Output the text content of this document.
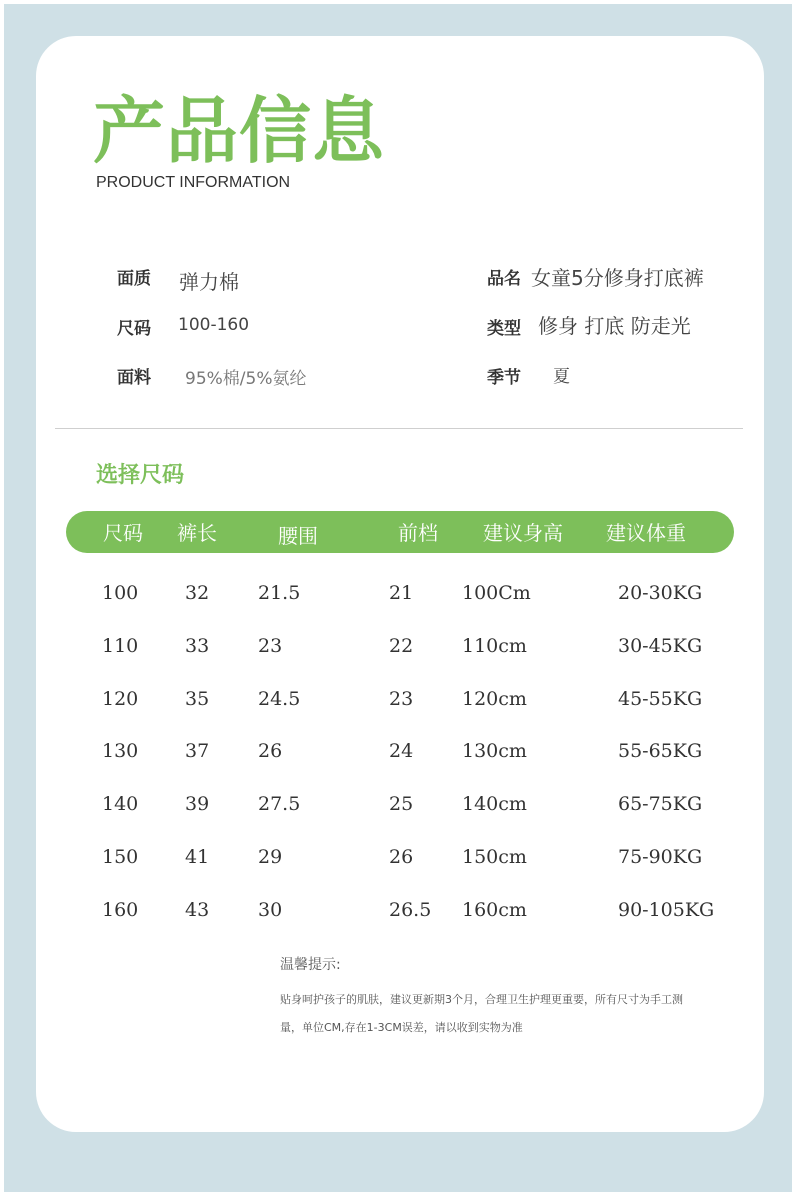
产品信息
PRODUCT INFORMATION
面质 弹力棉
尺码 100-160
面料 95%棉/5%氨纶
品名 女童5分修身打底裤
类型 修身 打底 防走光
季节 夏
选择尺码
尺码 裤长	腰围	前档 建议身高 建议体重
100 32	21.5	21	100Cm	20-30KG
110 33	23	22	110cm	30-45KG
120 35	24.5	23	120cm	45-55KG
130 37	26	24	130cm	55-65KG
140 39	27.5	25	140cm	65-75KG
150 41	29	26	150cm	75-90KG
160 43	30	26.5 160cm	90-105KG
温馨提示:
贴身呵护孩子的肌肤，建议更新期3个月，合理卫生护理更重要，所有尺寸为手工测
量，单位CM,存在1-3CM误差，请以收到实物为准
